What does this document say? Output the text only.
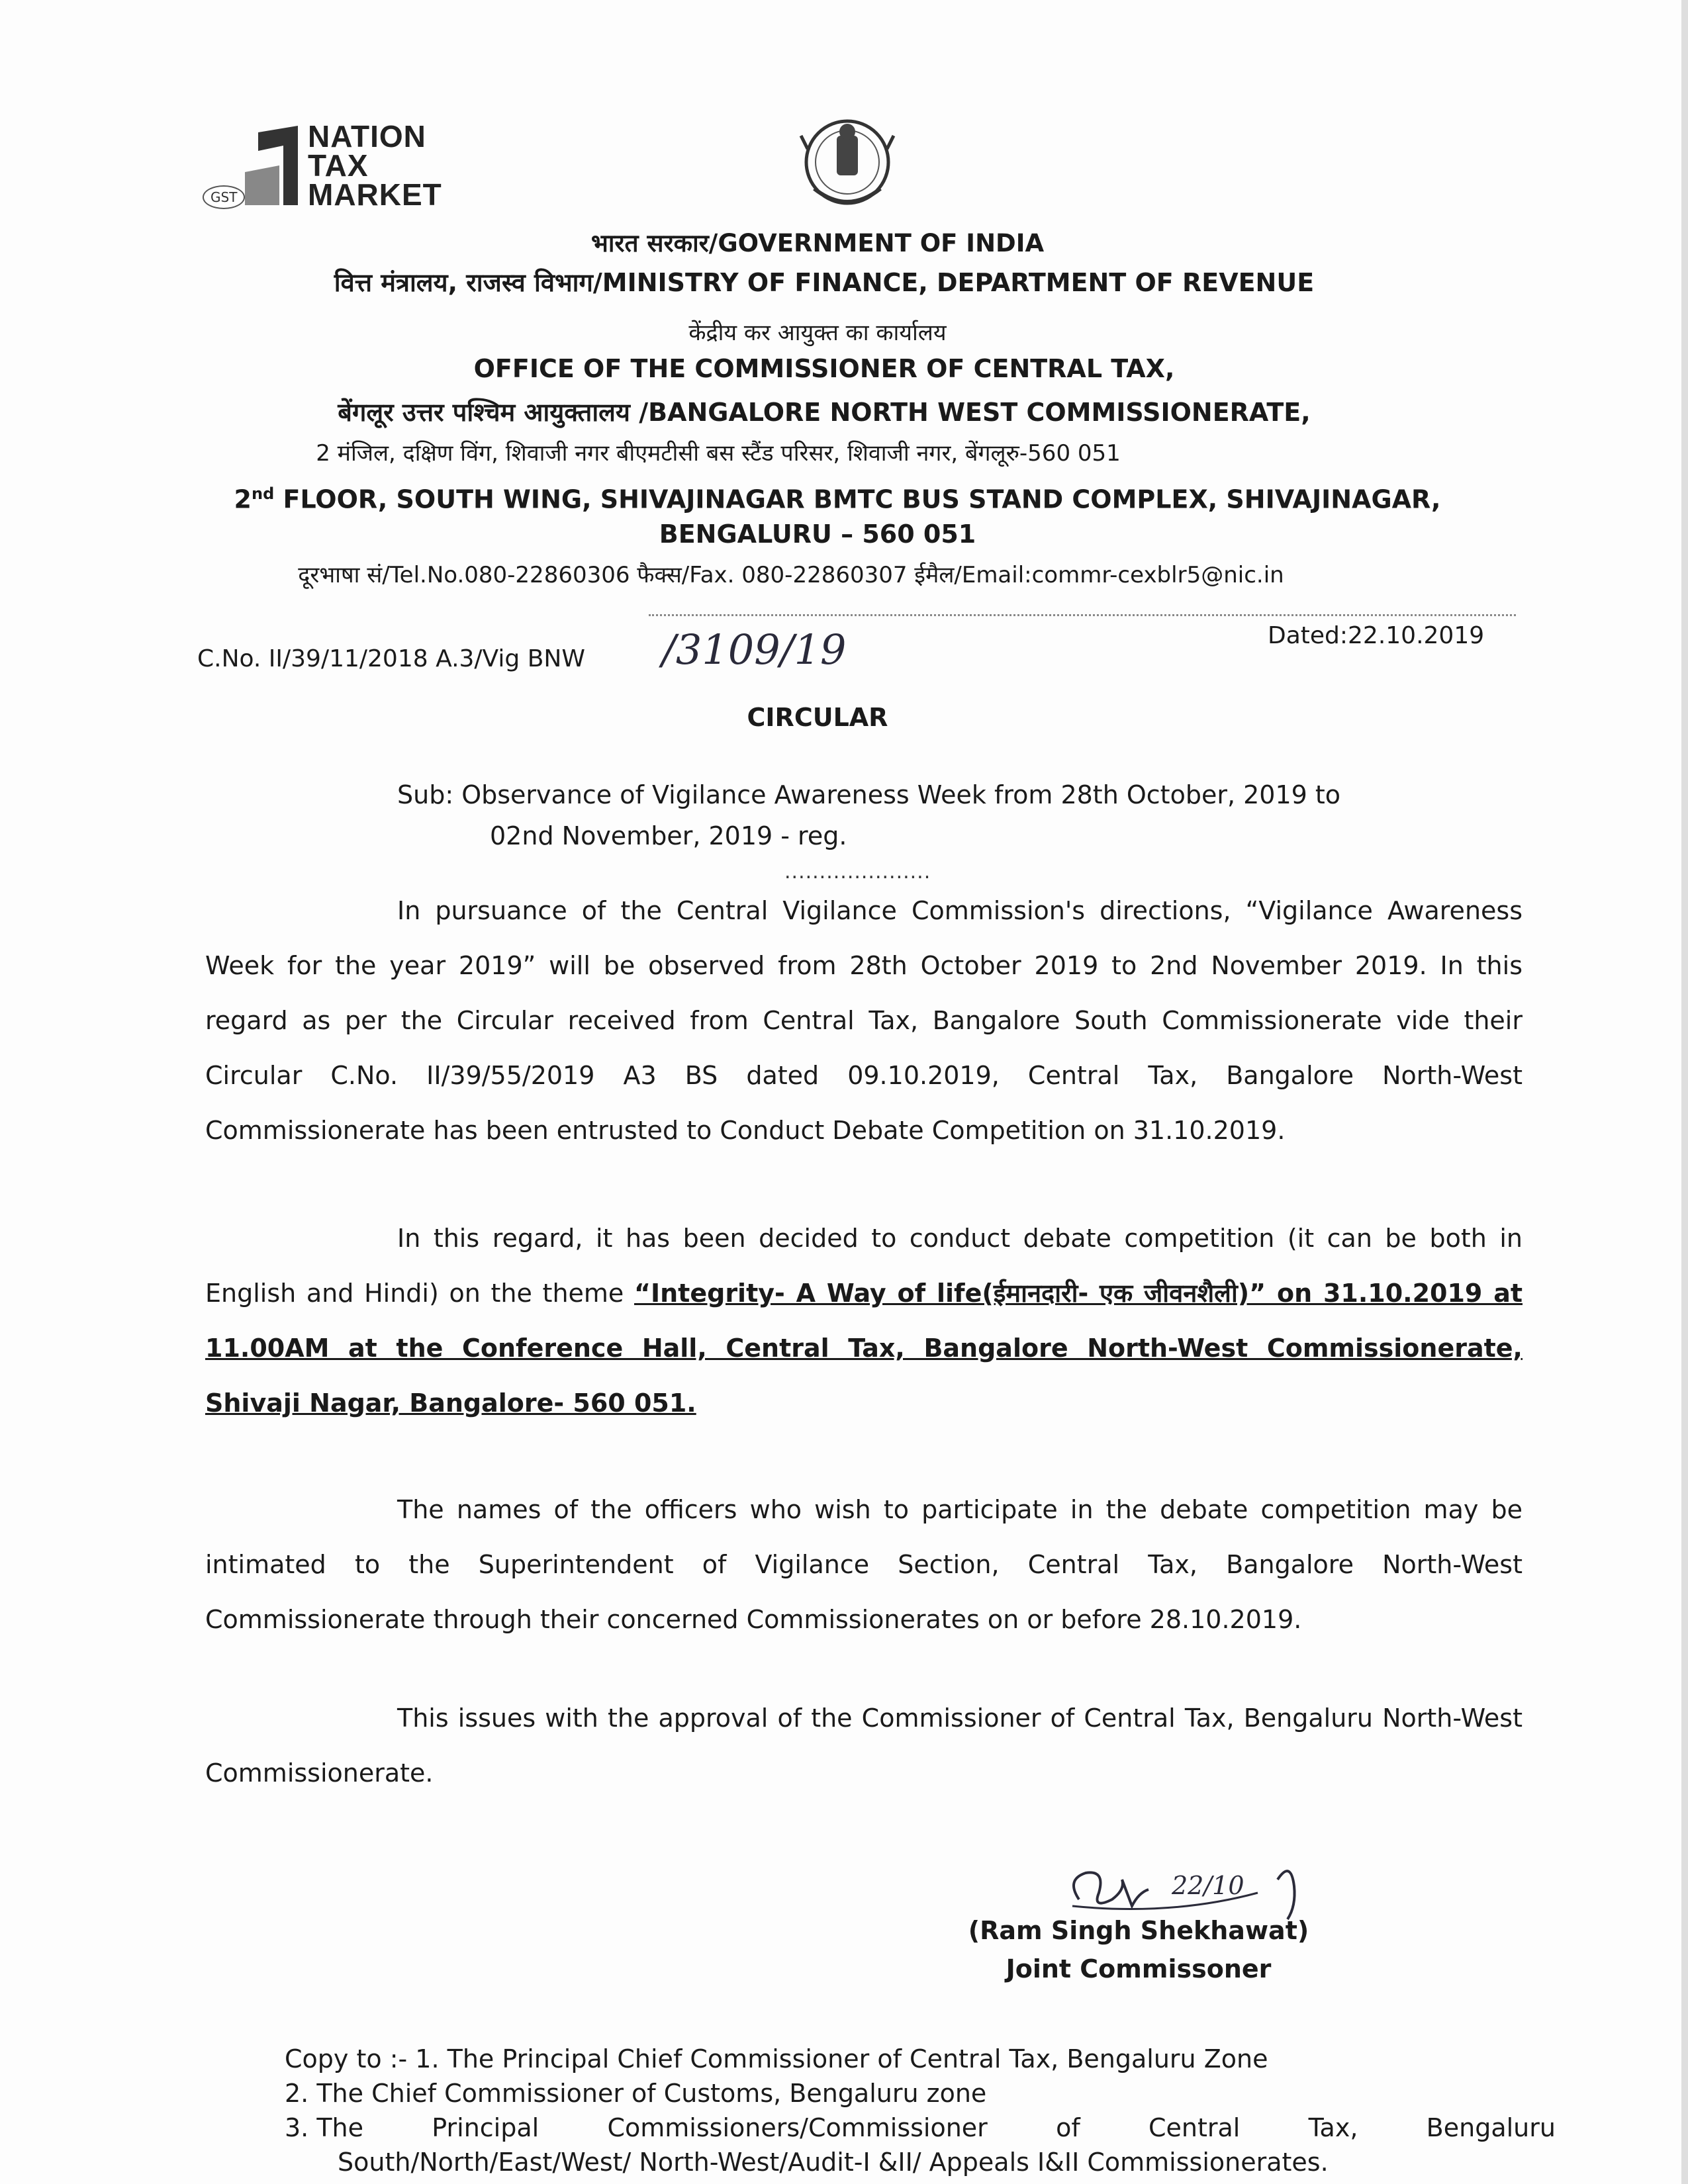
GST
NATION
TAX
MARKET
भारत सरकार/GOVERNMENT OF INDIA
वित्त मंत्रालय, राजस्व विभाग/MINISTRY OF FINANCE, DEPARTMENT OF REVENUE
केंद्रीय कर आयुक्त का कार्यालय
OFFICE OF THE COMMISSIONER OF CENTRAL TAX,
बेंगलूर उत्तर पश्चिम आयुक्तालय /BANGALORE NORTH WEST COMMISSIONERATE,
2 मंजिल, दक्षिण विंग, शिवाजी नगर बीएमटीसी बस स्टैंड परिसर, शिवाजी नगर, बेंगलूरु-560 051
2nd FLOOR, SOUTH WING, SHIVAJINAGAR BMTC BUS STAND COMPLEX, SHIVAJINAGAR,
BENGALURU – 560 051
दूरभाषा सं/Tel.No.080-22860306 फैक्स/Fax. 080-22860307 ईमैल/Email:commr-cexblr5@nic.in
C.No. II/39/11/2018 A.3/Vig BNW /3109/19	Dated:22.10.2019
CIRCULAR
Sub: Observance of Vigilance Awareness Week from 28th October, 2019 to
02nd November, 2019 - reg.
.....................
In pursuance of the Central Vigilance Commission's directions, “Vigilance Awareness Week for the year 2019” will be observed from 28th October 2019 to 2nd November 2019. In this regard as per the Circular received from Central Tax, Bangalore South Commissionerate vide their Circular C.No. II/39/55/2019 A3 BS dated 09.10.2019, Central Tax, Bangalore North-West Commissionerate has been entrusted to Conduct Debate Competition on 31.10.2019.
In this regard, it has been decided to conduct debate competition (it can be both in English and Hindi) on the theme “Integrity- A Way of life(ईमानदारी- एक जीवनशैली)” on 31.10.2019 at 11.00AM at the Conference Hall, Central Tax, Bangalore North-West Commissionerate, Shivaji Nagar, Bangalore- 560 051.
The names of the officers who wish to participate in the debate competition may be intimated to the Superintendent of Vigilance Section, Central Tax, Bangalore North-West Commissionerate through their concerned Commissionerates on or before 28.10.2019.
This issues with the approval of the Commissioner of Central Tax, Bengaluru North-West Commissionerate.
22/10
(Ram Singh Shekhawat)
Joint Commissoner
Copy to :- 1. The Principal Chief Commissioner of Central Tax, Bengaluru Zone
2. The Chief Commissioner of Customs, Bengaluru zone
3. The	Principal	Commissioners/Commissioner	of	Central	Tax,	Bengaluru
South/North/East/West/ North-West/Audit-I &II/ Appeals I&II Commissionerates.
